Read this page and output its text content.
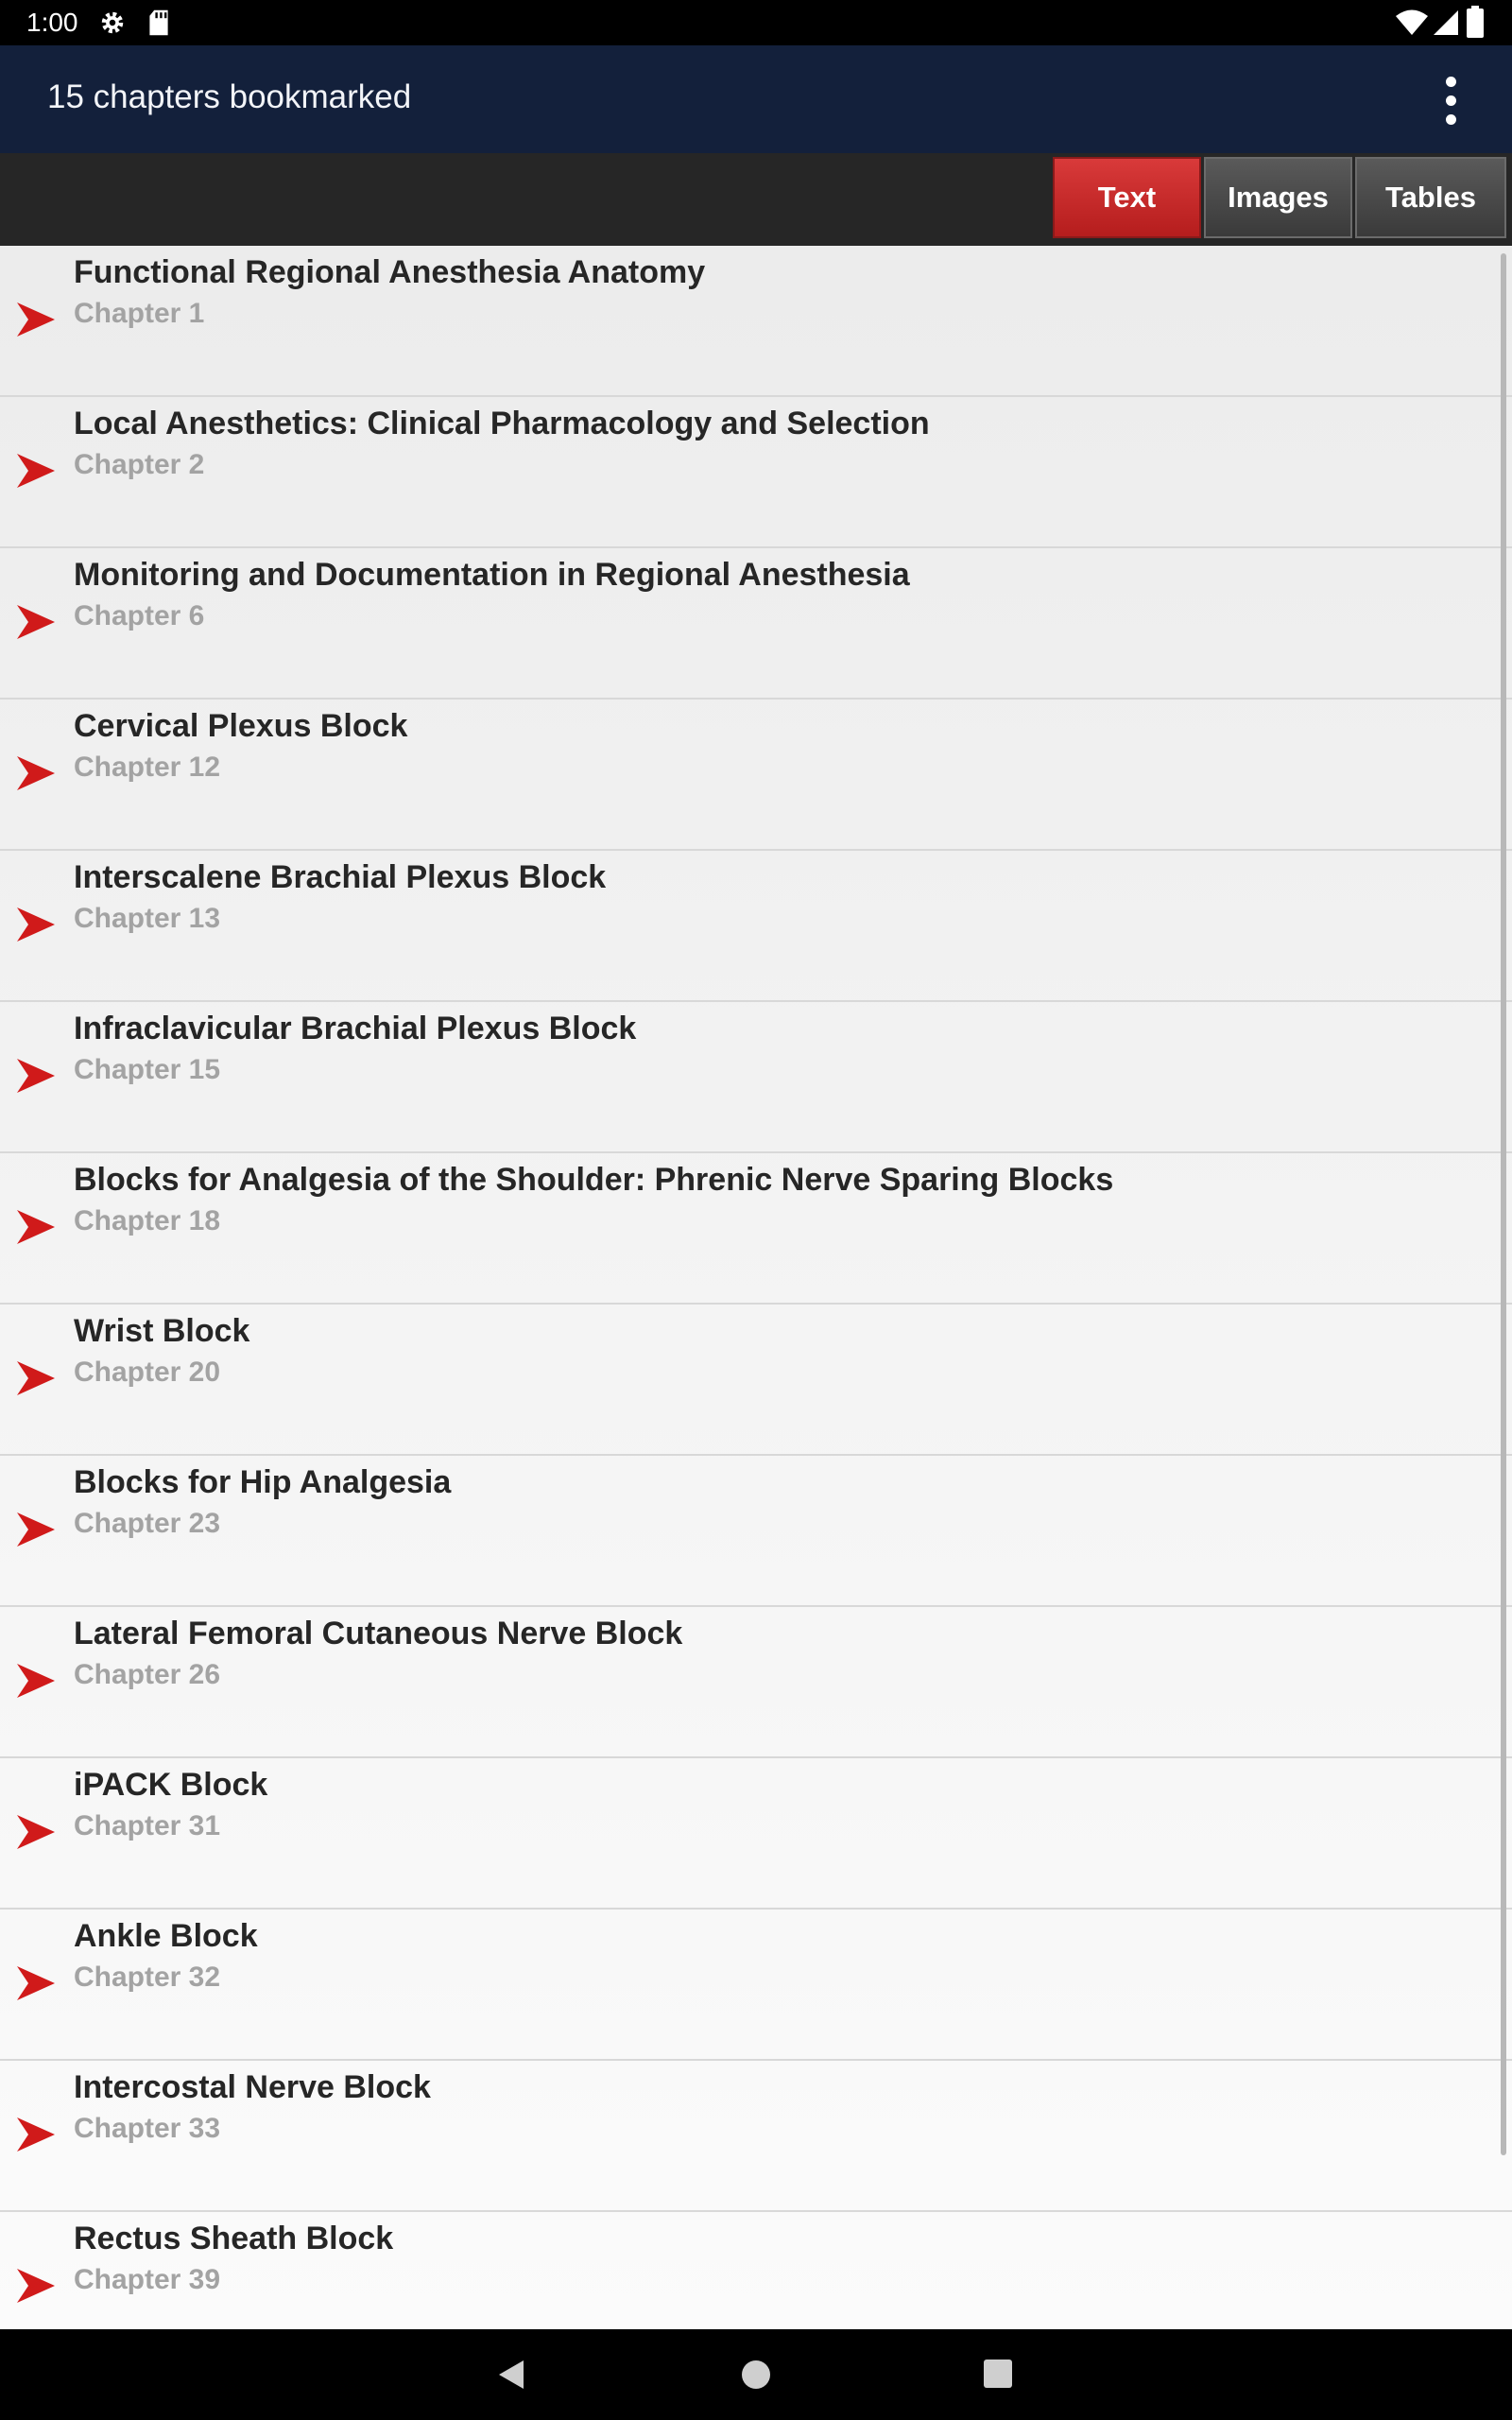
1:00
15 chapters bookmarked
Text	Images	Tables
Functional Regional Anesthesia Anatomy
Chapter 1
Local Anesthetics: Clinical Pharmacology and Selection
Chapter 2
Monitoring and Documentation in Regional Anesthesia
Chapter 6
Cervical Plexus Block
Chapter 12
Interscalene Brachial Plexus Block
Chapter 13
Infraclavicular Brachial Plexus Block
Chapter 15
Blocks for Analgesia of the Shoulder: Phrenic Nerve Sparing Blocks
Chapter 18
Wrist Block
Chapter 20
Blocks for Hip Analgesia
Chapter 23
Lateral Femoral Cutaneous Nerve Block
Chapter 26
iPACK Block
Chapter 31
Ankle Block
Chapter 32
Intercostal Nerve Block
Chapter 33
Rectus Sheath Block
Chapter 39
